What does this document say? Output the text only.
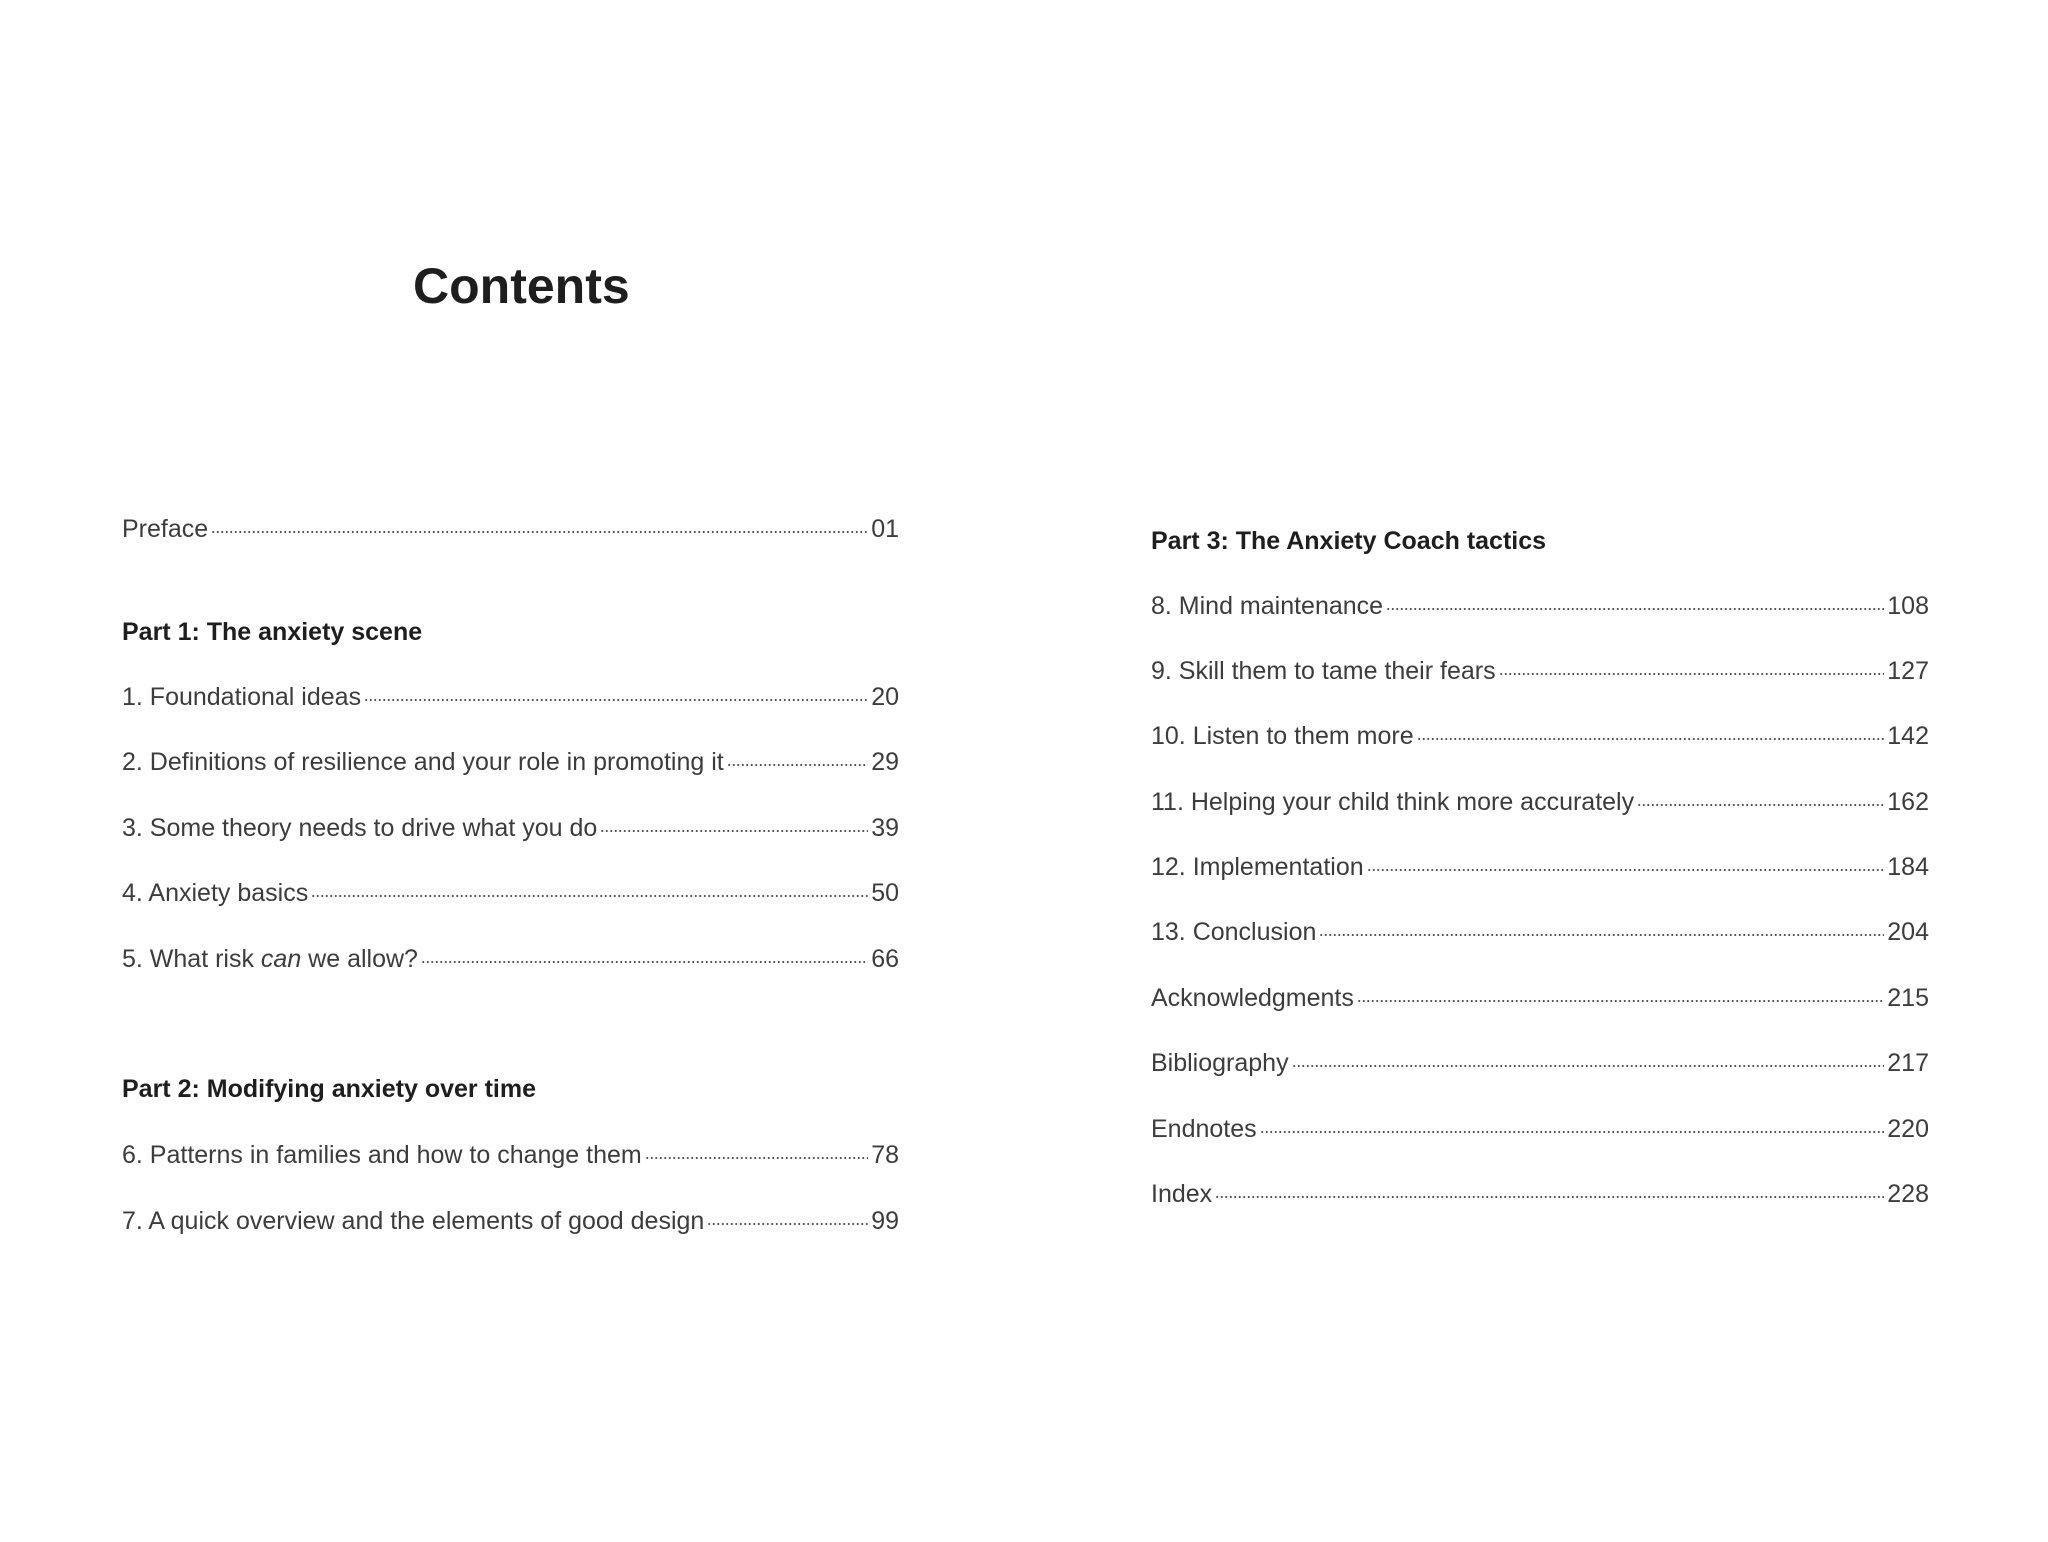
Contents
Preface	01
Part 1: The anxiety scene
1. Foundational ideas	20
2. Definitions of resilience and your role in promoting it	29
3. Some theory needs to drive what you do	39
4. Anxiety basics	50
5. What risk can we allow?	66
Part 2: Modifying anxiety over time
6. Patterns in families and how to change them	78
7. A quick overview and the elements of good design	99
Part 3: The Anxiety Coach tactics
8. Mind maintenance	108
9. Skill them to tame their fears	127
10. Listen to them more	142
11. Helping your child think more accurately	162
12. Implementation	184
13. Conclusion	204
Acknowledgments	215
Bibliography	217
Endnotes	220
Index	228
